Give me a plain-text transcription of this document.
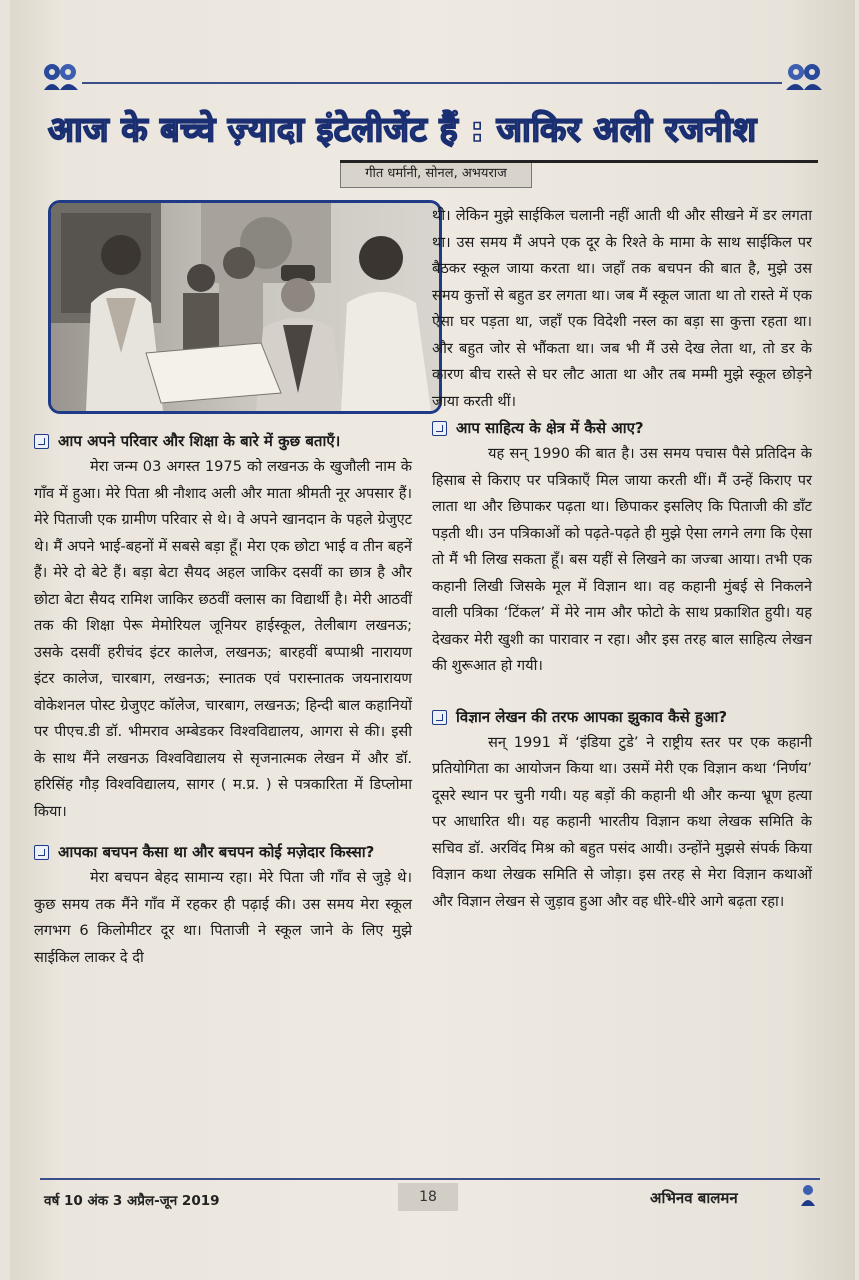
आज के बच्चे ज़्यादा इंटेलीजेंट हैं : जाकिर अली रजनीश
गीत धर्मानी, सोनल, अभयराज
आप अपने परिवार और शिक्षा के बारे में कुछ बताएँ।

मेरा जन्म 03 अगस्त 1975 को लखनऊ के खुजौली नाम के गाँव में हुआ। मेरे पिता श्री नौशाद अली और माता श्रीमती नूर अपसार हैं। मेरे पिताजी एक ग्रामीण परिवार से थे। वे अपने खानदान के पहले ग्रेजुएट थे। मैं अपने भाई-बहनों में सबसे बड़ा हूँ। मेरा एक छोटा भाई व तीन बहनें हैं। मेरे दो बेटे हैं। बड़ा बेटा सैयद अहल जाकिर दसवीं का छात्र है और छोटा बेटा सैयद रामिश जाकिर छठवीं क्लास का विद्यार्थी है। मेरी आठवीं तक की शिक्षा पेरू मेमोरियल जूनियर हाईस्कूल, तेलीबाग लखनऊ; उसके दसवीं हरीचंद इंटर कालेज, लखनऊ; बारहवीं बप्पाश्री नारायण इंटर कालेज, चारबाग, लखनऊ; स्नातक एवं परास्नातक जयनारायण वोकेशनल पोस्ट ग्रेजुएट कॉलेज, चारबाग, लखनऊ; हिन्दी बाल कहानियों पर पीएच.डी डॉ. भीमराव अम्बेडकर विश्वविद्यालय, आगरा से की। इसी के साथ मैंने लखनऊ विश्वविद्यालय से सृजनात्मक लेखन में और डॉ. हरिसिंह गौड़ विश्वविद्यालय, सागर ( म.प्र. ) से पत्रकारिता में डिप्लोमा किया।

आपका बचपन कैसा था और बचपन कोई मज़ेदार किस्सा?

मेरा बचपन बेहद सामान्य रहा। मेरे पिता जी गाँव से जुड़े थे। कुछ समय तक मैंने गाँव में रहकर ही पढ़ाई की। उस समय मेरा स्कूल लगभग 6 किलोमीटर दूर था। पिताजी ने स्कूल जाने के लिए मुझे साईकिल लाकर दे दी

थी। लेकिन मुझे साईकिल चलानी नहीं आती थी और सीखने में डर लगता था। उस समय मैं अपने एक दूर के रिश्ते के मामा के साथ साईकिल पर बैठकर स्कूल जाया करता था। जहाँ तक बचपन की बात है, मुझे उस समय कुत्तों से बहुत डर लगता था। जब मैं स्कूल जाता था तो रास्ते में एक ऐसा घर पड़ता था, जहाँ एक विदेशी नस्ल का बड़ा सा कुत्ता रहता था। और बहुत जोर से भौंकता था। जब भी मैं उसे देख लेता था, तो डर के कारण बीच रास्ते से घर लौट आता था और तब मम्मी मुझे स्कूल छोड़ने जाया करती थीं।

आप साहित्य के क्षेत्र में कैसे आए?

यह सन् 1990 की बात है। उस समय पचास पैसे प्रतिदिन के हिसाब से किराए पर पत्रिकाएँ मिल जाया करती थीं। मैं उन्हें किराए पर लाता था और छिपाकर पढ़ता था। छिपाकर इसलिए कि पिताजी की डाँट पड़ती थी। उन पत्रिकाओं को पढ़ते-पढ़ते ही मुझे ऐसा लगने लगा कि ऐसा तो मैं भी लिख सकता हूँ। बस यहीं से लिखने का जज्बा आया। तभी एक कहानी लिखी जिसके मूल में विज्ञान था। वह कहानी मुंबई से निकलने वाली पत्रिका ‘टिंकल’ में मेरे नाम और फोटो के साथ प्रकाशित हुयी। यह देखकर मेरी खुशी का पारावार न रहा। और इस तरह बाल साहित्य लेखन की शुरूआत हो गयी।

विज्ञान लेखन की तरफ आपका झुकाव कैसे हुआ?

सन् 1991 में ‘इंडिया टुडे’ ने राष्ट्रीय स्तर पर एक कहानी प्रतियोगिता का आयोजन किया था। उसमें मेरी एक विज्ञान कथा ‘निर्णय’ दूसरे स्थान पर चुनी गयी। यह बड़ों की कहानी थी और कन्या भ्रूण हत्या पर आधारित थी। यह कहानी भारतीय विज्ञान कथा लेखक समिति के सचिव डॉ. अरविंद मिश्र को बहुत पसंद आयी। उन्होंने मुझसे संपर्क किया विज्ञान कथा लेखक समिति से जोड़ा। इस तरह से मेरा विज्ञान कथाओं और विज्ञान लेखन से जुड़ाव हुआ और वह धीरे-धीरे आगे बढ़ता रहा।

वर्ष 10 अंक 3 अप्रैल-जून 2019	18	अभिनव बालमन
